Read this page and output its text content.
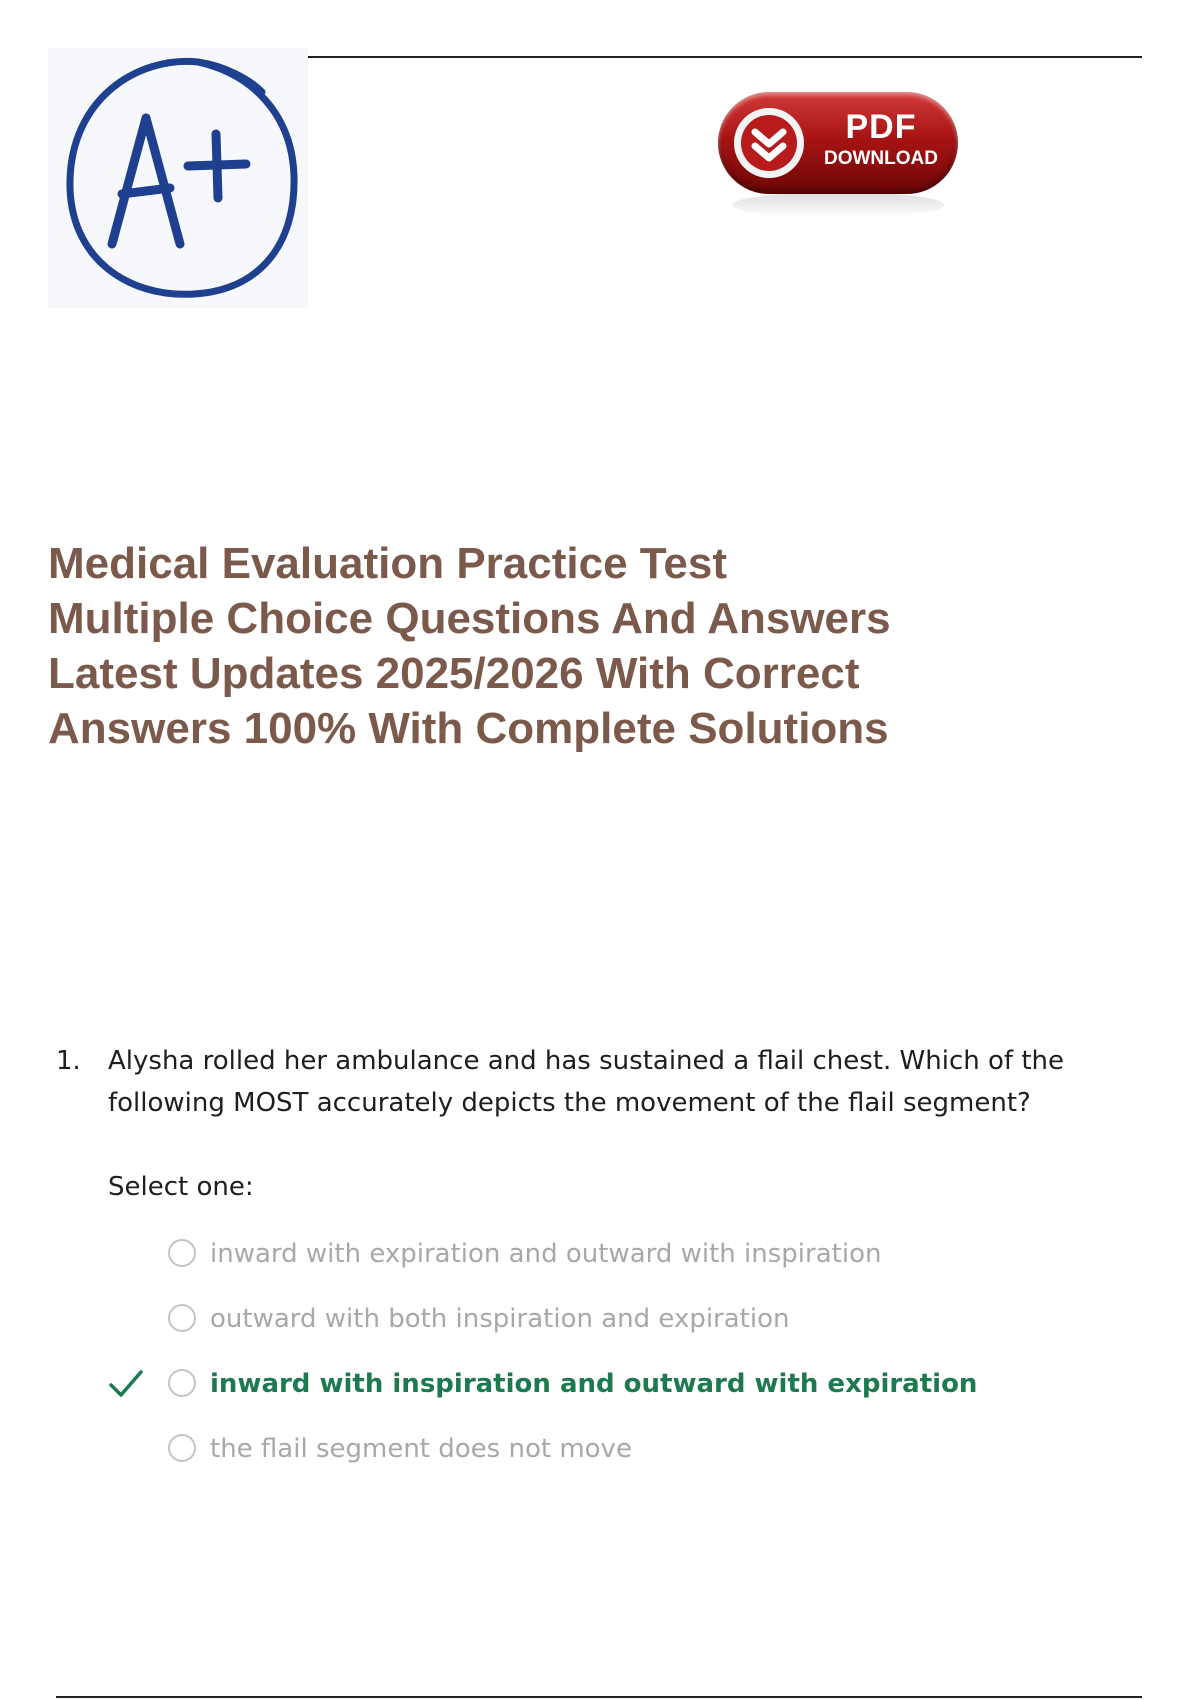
PDF
DOWNLOAD
Medical Evaluation Practice Test
Multiple Choice Questions And Answers
Latest Updates 2025/2026 With Correct
Answers 100% With Complete Solutions
1. Alysha rolled her ambulance and has sustained a flail chest. Which of the following MOST accurately depicts the movement of the flail segment?

Select one:
inward with expiration and outward with inspiration
outward with both inspiration and expiration
inward with inspiration and outward with expiration
the flail segment does not move
